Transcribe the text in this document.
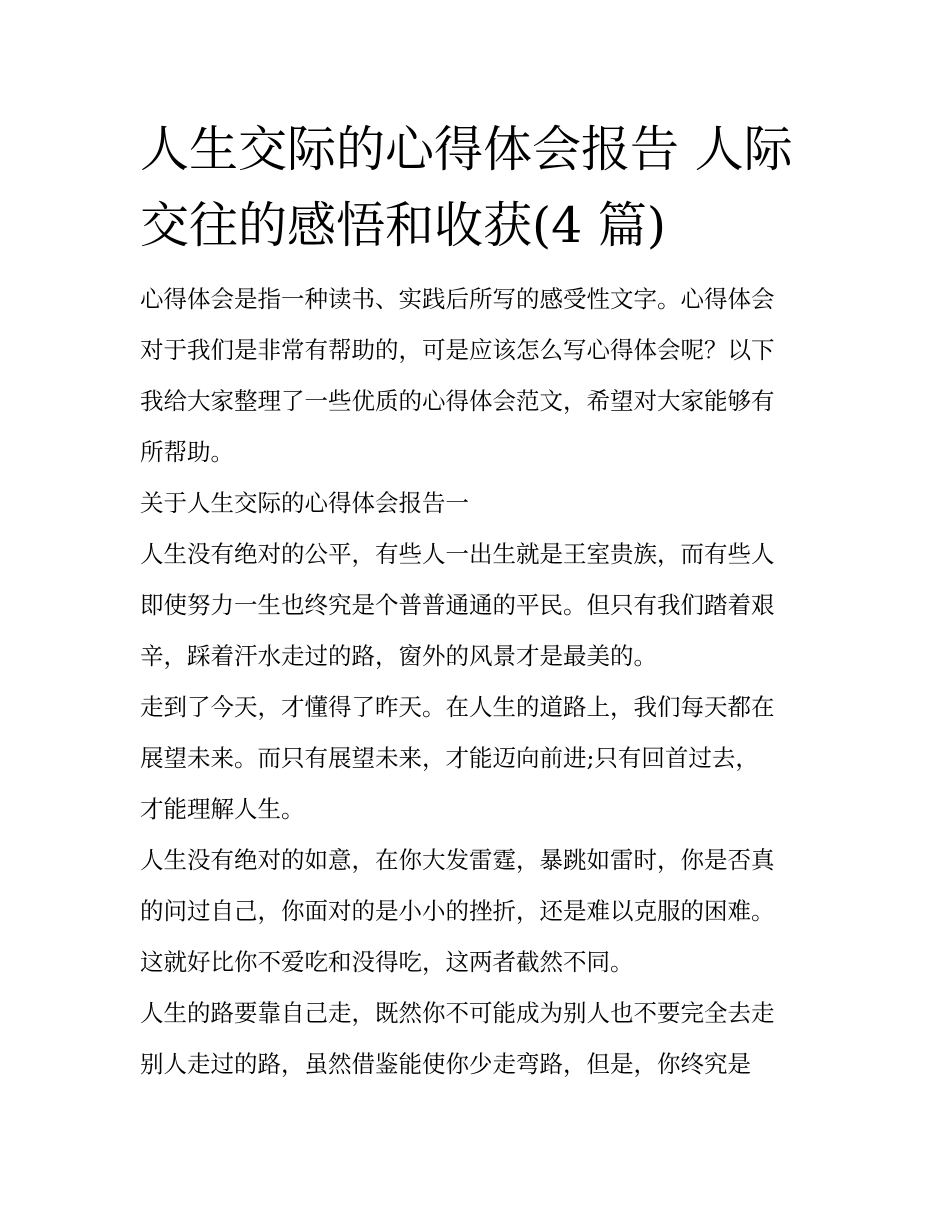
人生交际的心得体会报告 人际
交往的感悟和收获(4 篇)

心得体会是指一种读书、实践后所写的感受性文字。心得体会

对于我们是非常有帮助的，可是应该怎么写心得体会呢？以下

我给大家整理了一些优质的心得体会范文，希望对大家能够有

所帮助。

关于人生交际的心得体会报告一

人生没有绝对的公平，有些人一出生就是王室贵族，而有些人

即使努力一生也终究是个普普通通的平民。但只有我们踏着艰

辛，踩着汗水走过的路，窗外的风景才是最美的。

走到了今天，才懂得了昨天。在人生的道路上，我们每天都在

展望未来。而只有展望未来，才能迈向前进;只有回首过去，

才能理解人生。

人生没有绝对的如意，在你大发雷霆，暴跳如雷时，你是否真

的问过自己，你面对的是小小的挫折，还是难以克服的困难。

这就好比你不爱吃和没得吃，这两者截然不同。

人生的路要靠自己走，既然你不可能成为别人也不要完全去走

别人走过的路，虽然借鉴能使你少走弯路，但是，你终究是
